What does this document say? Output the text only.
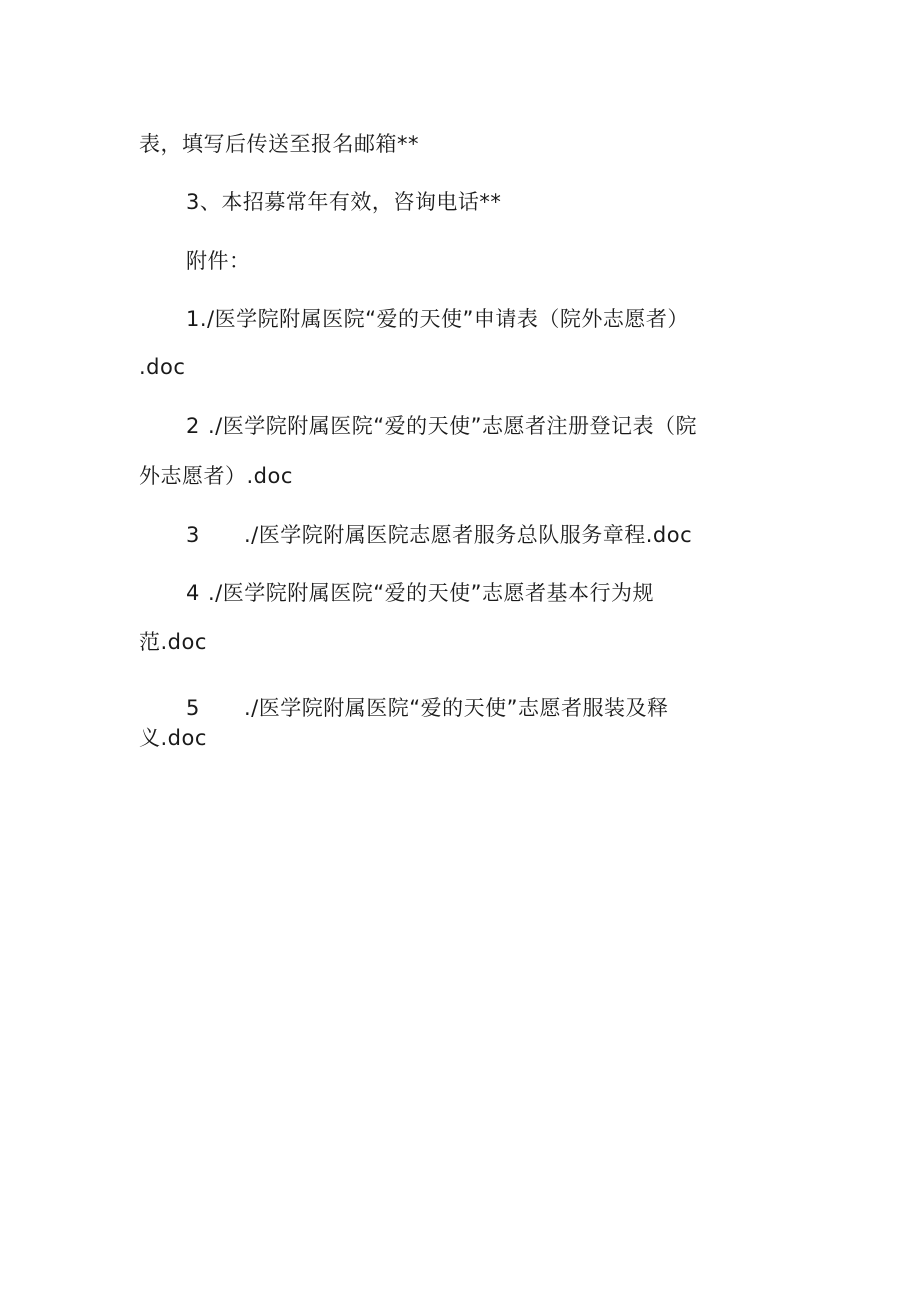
表，填写后传送至报名邮箱**
3、本招募常年有效，咨询电话**
附件：
1./医学院附属医院“爱的天使”申请表（院外志愿者）
.doc
2 ./医学院附属医院“爱的天使”志愿者注册登记表（院
外志愿者）.doc
3 ./医学院附属医院志愿者服务总队服务章程.doc
4 ./医学院附属医院“爱的天使”志愿者基本行为规
范.doc
5 ./医学院附属医院“爱的天使”志愿者服装及释
义.doc
